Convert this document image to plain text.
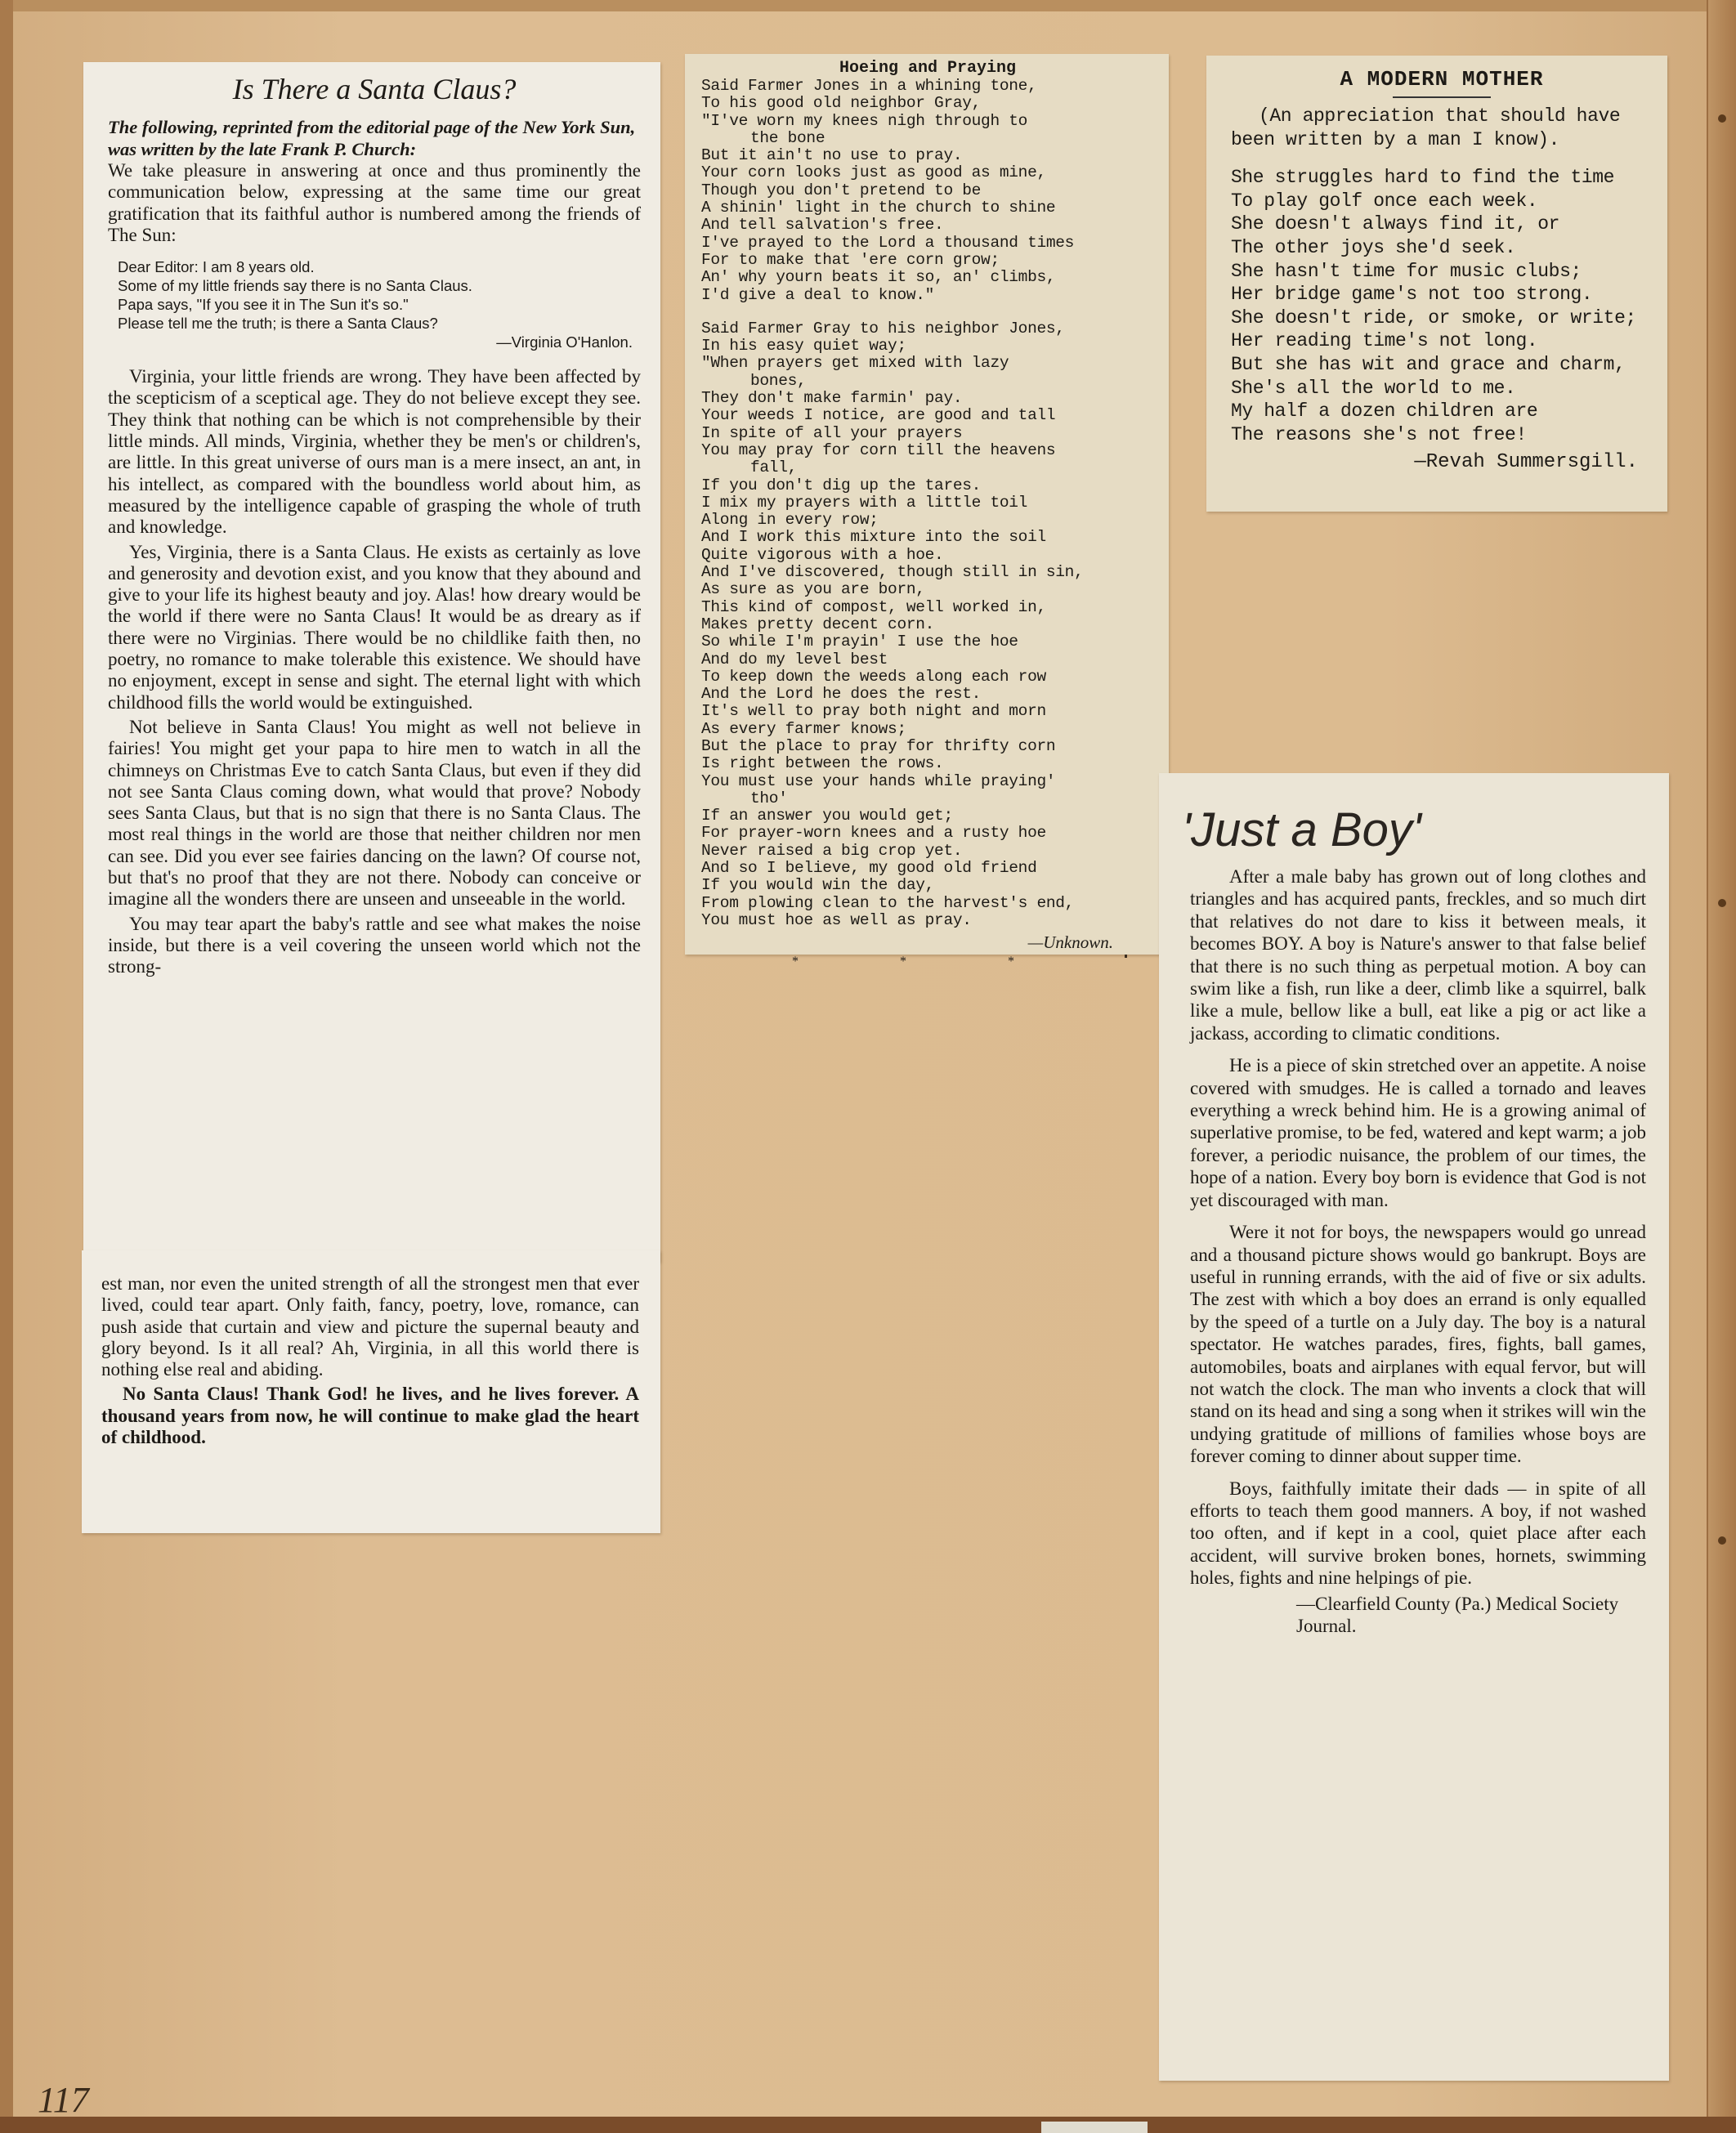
Is There a Santa Claus?
The following, reprinted from the editorial page of the New York Sun, was written by the late Frank P. Church:

We take pleasure in answering at once and thus prominently the communication below, expressing at the same time our great gratification that its faithful author is numbered among the friends of The Sun:

Dear Editor: I am 8 years old.
Some of my little friends say there is no Santa Claus.
Papa says, "If you see it in The Sun it's so."
Please tell me the truth; is there a Santa Claus?
—Virginia O'Hanlon.

Virginia, your little friends are wrong. They have been affected by the scepticism of a sceptical age. They do not believe except they see. They think that nothing can be which is not comprehensible by their little minds. All minds, Virginia, whether they be men's or children's, are little. In this great universe of ours man is a mere insect, an ant, in his intellect, as compared with the boundless world about him, as measured by the intelligence capable of grasping the whole of truth and knowledge.

Yes, Virginia, there is a Santa Claus. He exists as certainly as love and generosity and devotion exist, and you know that they abound and give to your life its highest beauty and joy. Alas! how dreary would be the world if there were no Santa Claus! It would be as dreary as if there were no Virginias. There would be no childlike faith then, no poetry, no romance to make tolerable this existence. We should have no enjoyment, except in sense and sight. The eternal light with which childhood fills the world would be extinguished.

Not believe in Santa Claus! You might as well not believe in fairies! You might get your papa to hire men to watch in all the chimneys on Christmas Eve to catch Santa Claus, but even if they did not see Santa Claus coming down, what would that prove? Nobody sees Santa Claus, but that is no sign that there is no Santa Claus. The most real things in the world are those that neither children nor men can see. Did you ever see fairies dancing on the lawn? Of course not, but that's no proof that they are not there. Nobody can conceive or imagine all the wonders there are unseen and unseeable in the world.

You may tear apart the baby's rattle and see what makes the noise inside, but there is a veil covering the unseen world which not the strong-

est man, nor even the united strength of all the strongest men that ever lived, could tear apart. Only faith, fancy, poetry, love, romance, can push aside that curtain and view and picture the supernal beauty and glory beyond. Is it all real? Ah, Virginia, in all this world there is nothing else real and abiding.

No Santa Claus! Thank God! he lives, and he lives forever. A thousand years from now, he will continue to make glad the heart of childhood.

Hoeing and Praying
Said Farmer Jones in a whining tone,
To his good old neighbor Gray,
"I've worn my knees nigh through to
the bone
But it ain't no use to pray.
Your corn looks just as good as mine,
Though you don't pretend to be
A shinin' light in the church to shine
And tell salvation's free.
I've prayed to the Lord a thousand times
For to make that 'ere corn grow;
An' why yourn beats it so, an' climbs,
I'd give a deal to know."
Said Farmer Gray to his neighbor Jones,
In his easy quiet way;
"When prayers get mixed with lazy
bones,
They don't make farmin' pay.
Your weeds I notice, are good and tall
In spite of all your prayers
You may pray for corn till the heavens
fall,
If you don't dig up the tares.
I mix my prayers with a little toil
Along in every row;
And I work this mixture into the soil
Quite vigorous with a hoe.
And I've discovered, though still in sin,
As sure as you are born,
This kind of compost, well worked in,
Makes pretty decent corn.
So while I'm prayin' I use the hoe
And do my level best
To keep down the weeds along each row
And the Lord he does the rest.
It's well to pray both night and morn
As every farmer knows;
But the place to pray for thrifty corn
Is right between the rows.
You must use your hands while praying'
tho'
If an answer you would get;
For prayer-worn knees and a rusty hoe
Never raised a big crop yet.
And so I believe, my good old friend
If you would win the day,
From plowing clean to the harvest's end,
You must hoe as well as pray.
—Unknown.
* * *
A MODERN MOTHER
(An appreciation that should have
been written by a man I know).
She struggles hard to find the time
To play golf once each week.
She doesn't always find it, or
The other joys she'd seek.
She hasn't time for music clubs;
Her bridge game's not too strong.
She doesn't ride, or smoke, or write;
Her reading time's not long.
But she has wit and grace and charm,
She's all the world to me.
My half a dozen children are
The reasons she's not free!
—Revah Summersgill.
'Just a Boy'

After a male baby has grown out of long clothes and triangles and has acquired pants, freckles, and so much dirt that relatives do not dare to kiss it between meals, it becomes BOY. A boy is Nature's answer to that false belief that there is no such thing as perpetual motion. A boy can swim like a fish, run like a deer, climb like a squirrel, balk like a mule, bellow like a bull, eat like a pig or act like a jackass, according to climatic conditions.

He is a piece of skin stretched over an appetite. A noise covered with smudges. He is called a tornado and leaves everything a wreck behind him. He is a growing animal of superlative promise, to be fed, watered and kept warm; a job forever, a periodic nuisance, the problem of our times, the hope of a nation. Every boy born is evidence that God is not yet discouraged with man.

Were it not for boys, the newspapers would go unread and a thousand picture shows would go bankrupt. Boys are useful in running errands, with the aid of five or six adults. The zest with which a boy does an errand is only equalled by the speed of a turtle on a July day. The boy is a natural spectator. He watches parades, fires, fights, ball games, automobiles, boats and airplanes with equal fervor, but will not watch the clock. The man who invents a clock that will stand on its head and sing a song when it strikes will win the undying gratitude of millions of families whose boys are forever coming to dinner about supper time.

Boys, faithfully imitate their dads — in spite of all efforts to teach them good manners. A boy, if not washed too often, and if kept in a cool, quiet place after each accident, will survive broken bones, hornets, swimming holes, fights and nine helpings of pie.

—Clearfield County (Pa.) Medical Society Journal.

117
